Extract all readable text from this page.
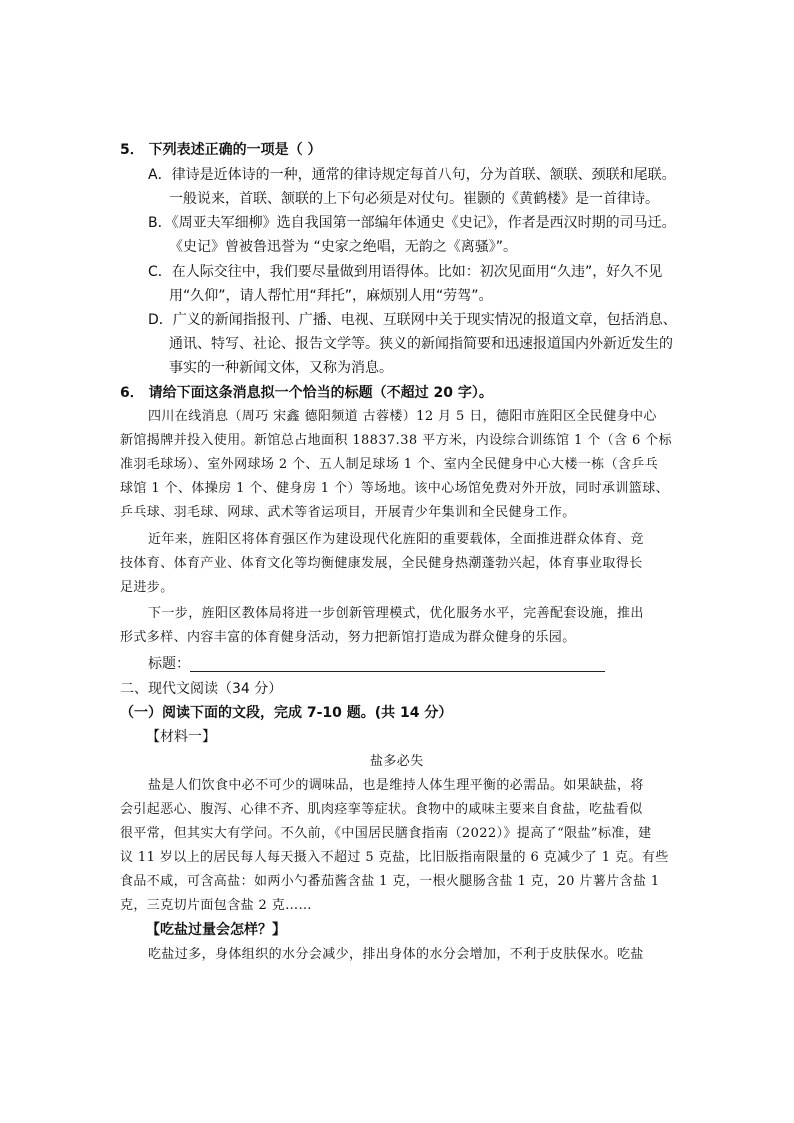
5． 下列表述正确的一项是（ ）
A．律诗是近体诗的一种，通常的律诗规定每首八句，分为首联、颔联、颈联和尾联。
一般说来，首联、颔联的上下句必须是对仗句。崔颢的《黄鹤楼》是一首律诗。
B．《周亚夫军细柳》选自我国第一部编年体通史《史记》，作者是西汉时期的司马迁。
《史记》曾被鲁迅誉为 “史家之绝唱，无韵之《离骚》”。
C．在人际交往中，我们要尽量做到用语得体。比如：初次见面用“久违”，好久不见
用“久仰”，请人帮忙用“拜托”，麻烦别人用“劳驾”。
D．广义的新闻指报刊、广播、电视、互联网中关于现实情况的报道文章，包括消息、
通讯、特写、社论、报告文学等。狭义的新闻指简要和迅速报道国内外新近发生的
事实的一种新闻文体，又称为消息。
6． 请给下面这条消息拟一个恰当的标题（不超过 20 字）。
四川在线消息（周巧 宋鑫 德阳频道 古蓉楼）12 月 5 日，德阳市旌阳区全民健身中心
新馆揭牌并投入使用。新馆总占地面积 18837.38 平方米，内设综合训练馆 1 个（含 6 个标
准羽毛球场）、室外网球场 2 个、五人制足球场 1 个、室内全民健身中心大楼一栋（含乒乓
球馆 1 个、体操房 1 个、健身房 1 个）等场地。该中心场馆免费对外开放，同时承训篮球、
乒乓球、羽毛球、网球、武术等省运项目，开展青少年集训和全民健身工作。
近年来，旌阳区将体育强区作为建设现代化旌阳的重要载体，全面推进群众体育、竞
技体育、体育产业、体育文化等均衡健康发展，全民健身热潮蓬勃兴起，体育事业取得长
足进步。
下一步，旌阳区教体局将进一步创新管理模式，优化服务水平，完善配套设施，推出
形式多样、内容丰富的体育健身活动，努力把新馆打造成为群众健身的乐园。
标题：
二、现代文阅读（34 分）
（一）阅读下面的文段，完成 7-10 题。(共 14 分）
【材料一】
盐多必失
盐是人们饮食中必不可少的调味品，也是维持人体生理平衡的必需品。如果缺盐，将
会引起恶心、腹泻、心律不齐、肌肉痉挛等症状。食物中的咸味主要来自食盐，吃盐看似
很平常，但其实大有学问。不久前，《中国居民膳食指南（2022）》提高了“限盐”标准，建
议 11 岁以上的居民每人每天摄入不超过 5 克盐，比旧版指南限量的 6 克减少了 1 克。有些
食品不咸，可含高盐：如两小勺番茄酱含盐 1 克，一根火腿肠含盐 1 克，20 片薯片含盐 1
克，三克切片面包含盐 2 克……
【吃盐过量会怎样？】
吃盐过多，身体组织的水分会减少，排出身体的水分会增加，不利于皮肤保水。吃盐
